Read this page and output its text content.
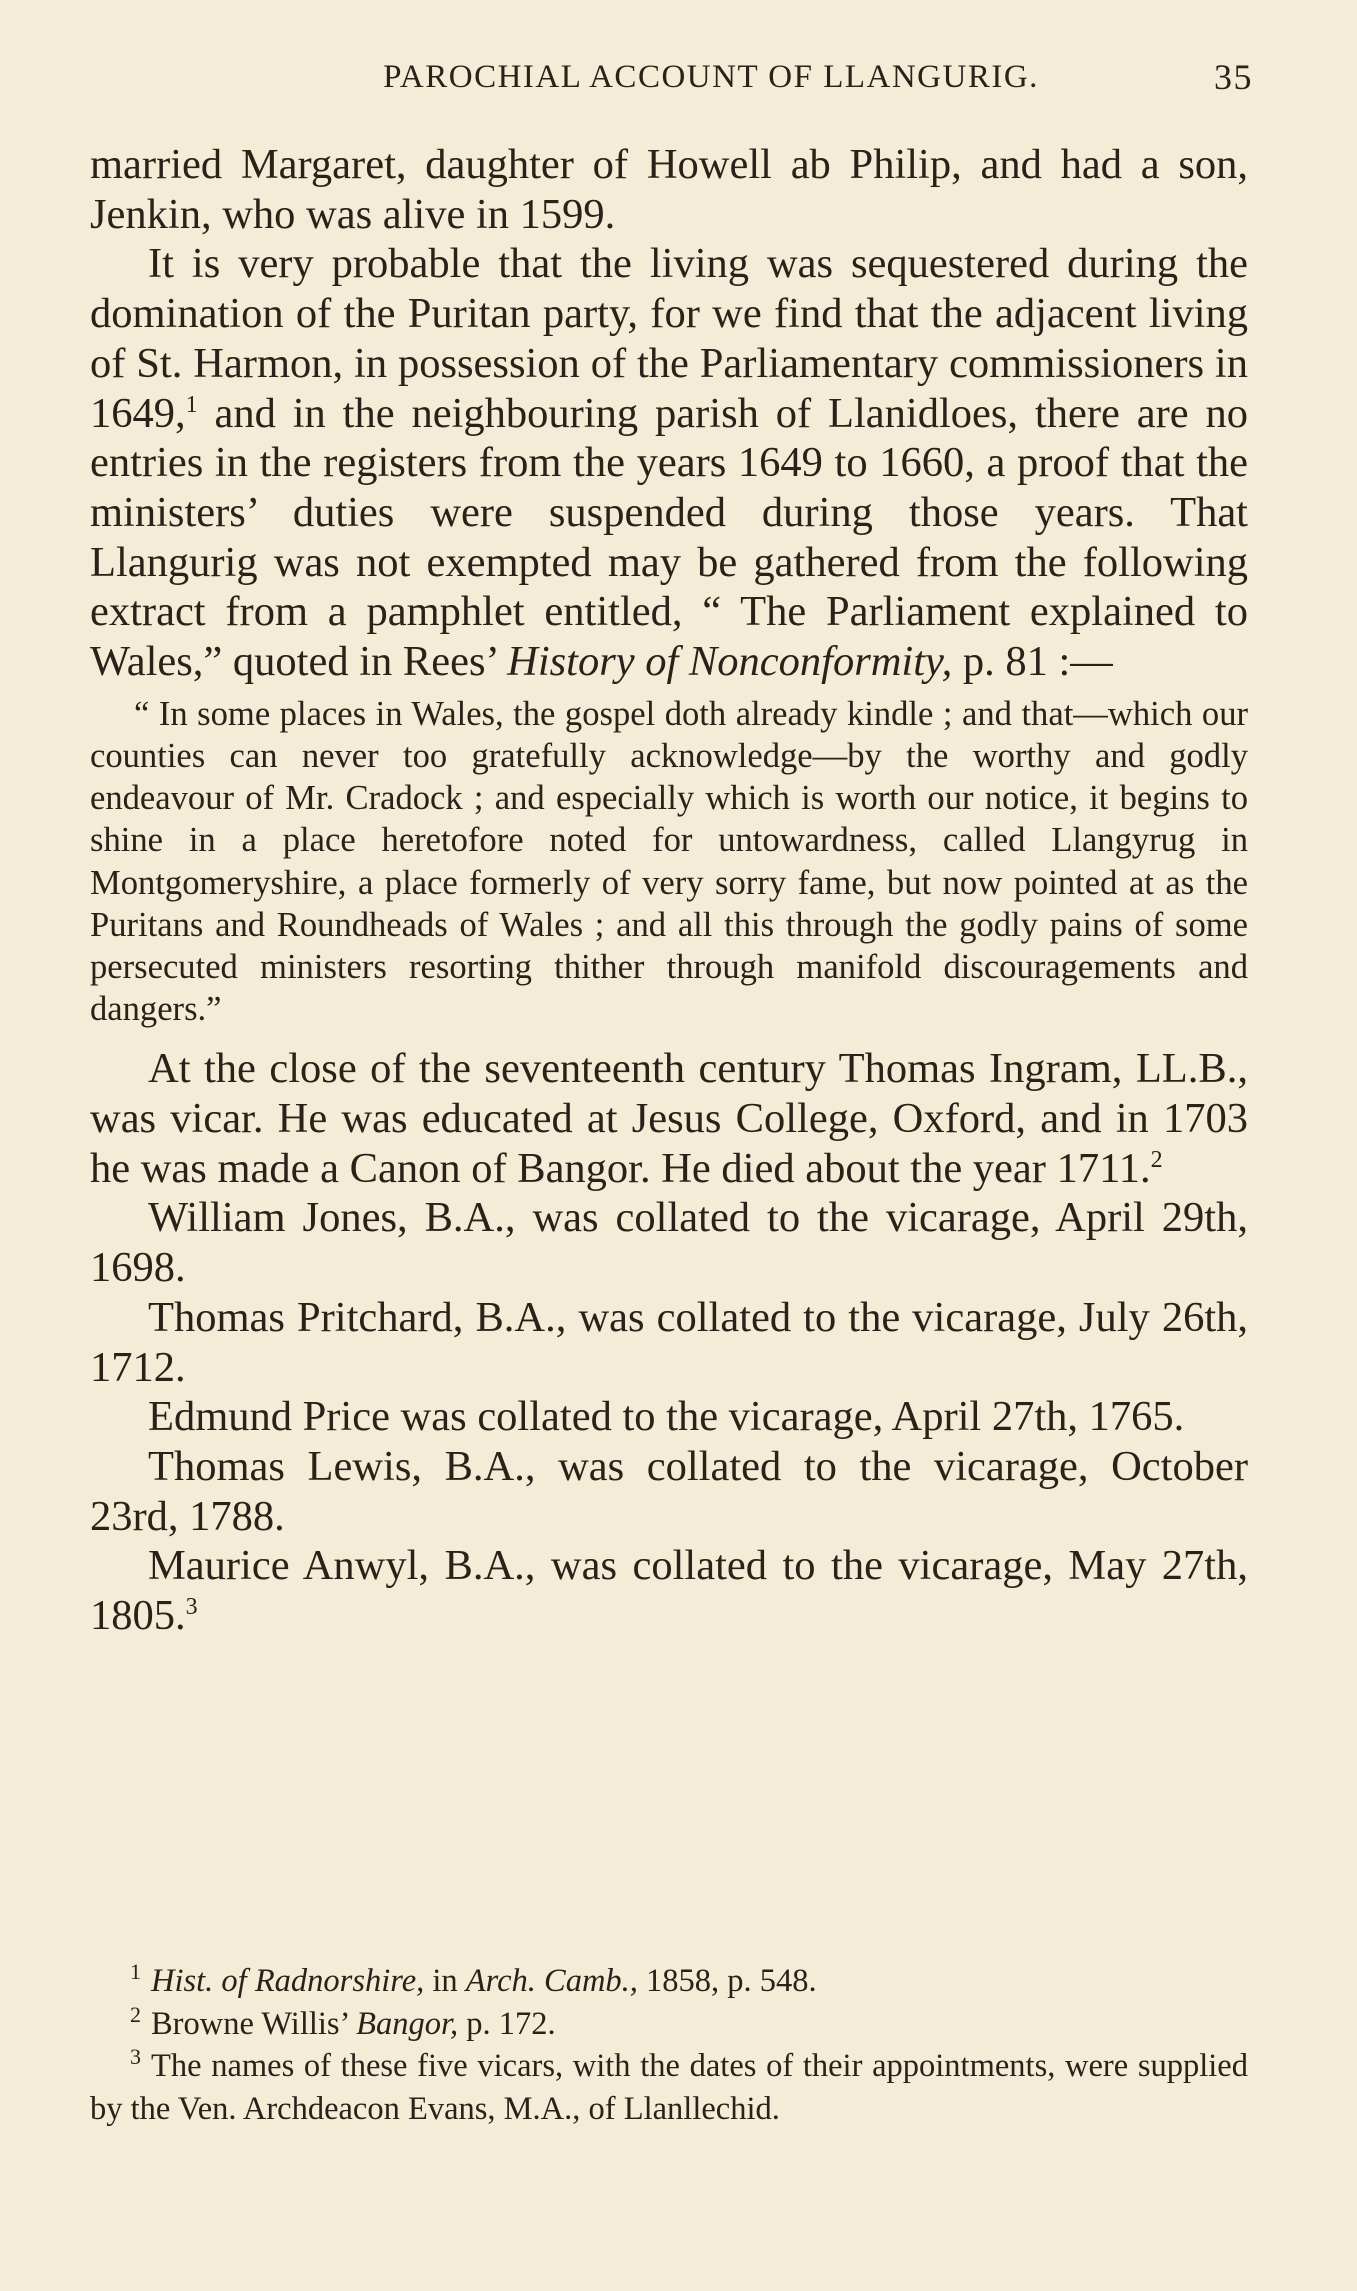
PAROCHIAL ACCOUNT OF LLANGURIG.	35

married Margaret, daughter of Howell ab Philip, and had a son, Jenkin, who was alive in 1599.

It is very probable that the living was sequestered during the domination of the Puritan party, for we find that the adjacent living of St. Harmon, in possession of the Parliamentary commissioners in 1649,$^1$ and in the neighbouring parish of Llanidloes, there are no entries in the registers from the years 1649 to 1660, a proof that the ministers’ duties were suspended during those years. That Llangurig was not exempted may be gathered from the following extract from a pamphlet entitled, “ The Parliament explained to Wales,” quoted in Rees’ History of Nonconformity, p. 81 :—

“ In some places in Wales, the gospel doth already kindle ; and that—which our counties can never too gratefully acknowledge—by the worthy and godly endeavour of Mr. Cradock ; and especially which is worth our notice, it begins to shine in a place heretofore noted for untowardness, called Llangyrug in Montgomeryshire, a place formerly of very sorry fame, but now pointed at as the Puritans and Roundheads of Wales ; and all this through the godly pains of some persecuted ministers resorting thither through manifold discouragements and dangers.”

At the close of the seventeenth century Thomas Ingram, LL.B., was vicar. He was educated at Jesus College, Oxford, and in 1703 he was made a Canon of Bangor. He died about the year 1711.$^2$

William Jones, B.A., was collated to the vicarage, April 29th, 1698.

Thomas Pritchard, B.A., was collated to the vicarage, July 26th, 1712.

Edmund Price was collated to the vicarage, April 27th, 1765.

Thomas Lewis, B.A., was collated to the vicarage, October 23rd, 1788.

Maurice Anwyl, B.A., was collated to the vicarage, May 27th, 1805.$^3$

$^1$ Hist. of Radnorshire, in Arch. Camb., 1858, p. 548.

$^2$ Browne Willis’ Bangor, p. 172.

$^3$ The names of these five vicars, with the dates of their appointments, were supplied by the Ven. Archdeacon Evans, M.A., of Llanllechid.
